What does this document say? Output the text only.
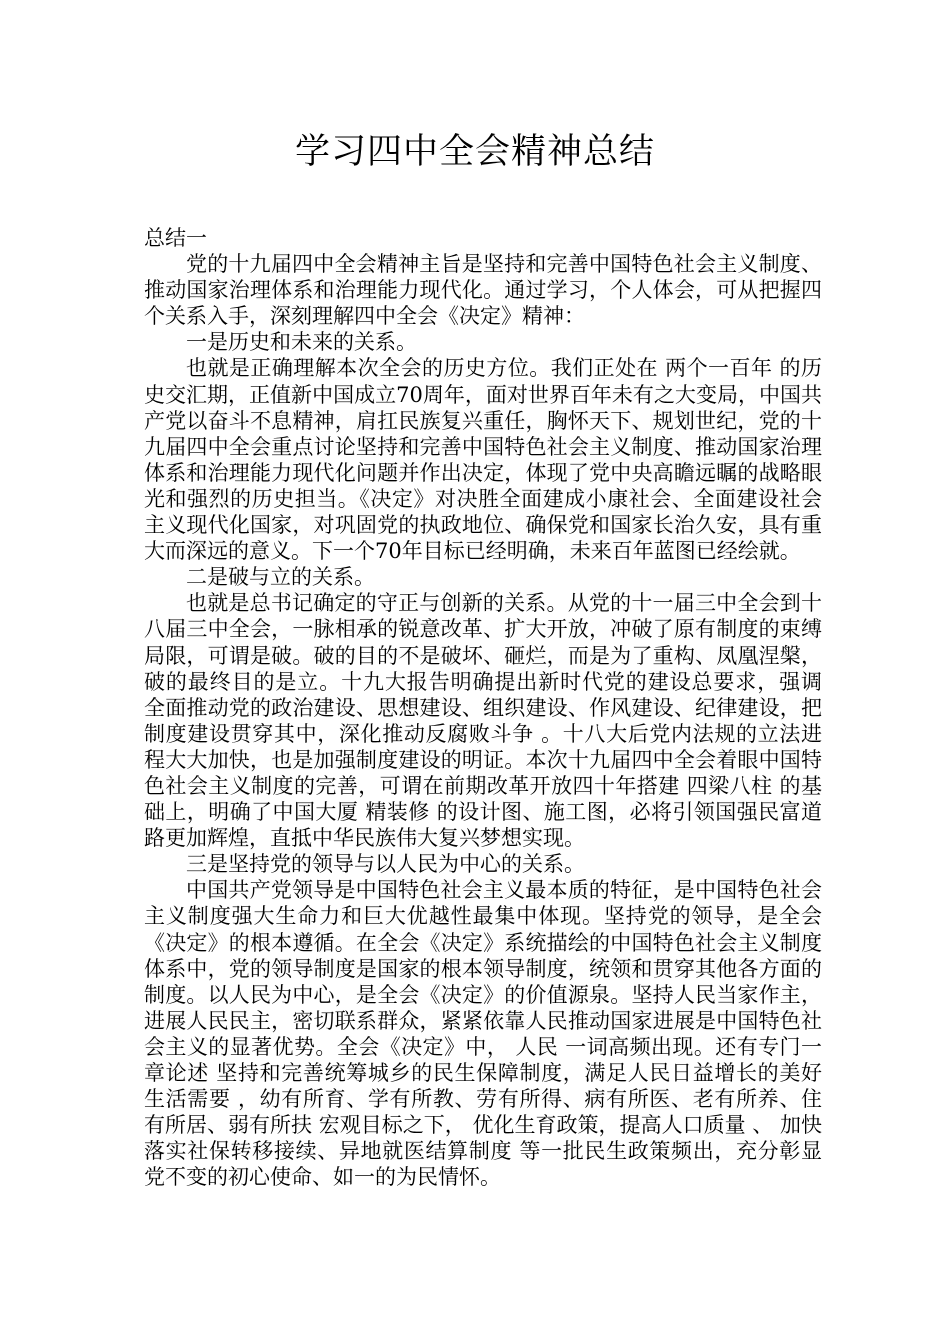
学习四中全会精神总结

总结一

党的十九届四中全会精神主旨是坚持和完善中国特色社会主义制度、推动国家治理体系和治理能力现代化。通过学习，个人体会，可从把握四个关系入手，深刻理解四中全会《决定》精神：

一是历史和未来的关系。

也就是正确理解本次全会的历史方位。我们正处在 两个一百年 的历史交汇期，正值新中国成立70周年，面对世界百年未有之大变局，中国共产党以奋斗不息精神，肩扛民族复兴重任，胸怀天下、规划世纪，党的十九届四中全会重点讨论坚持和完善中国特色社会主义制度、推动国家治理体系和治理能力现代化问题并作出决定，体现了党中央高瞻远瞩的战略眼光和强烈的历史担当。《决定》对决胜全面建成小康社会、全面建设社会主义现代化国家，对巩固党的执政地位、确保党和国家长治久安，具有重大而深远的意义。下一个70年目标已经明确，未来百年蓝图已经绘就。

二是破与立的关系。

也就是总书记确定的守正与创新的关系。从党的十一届三中全会到十八届三中全会，一脉相承的锐意改革、扩大开放，冲破了原有制度的束缚局限，可谓是破。破的目的不是破坏、砸烂，而是为了重构、凤凰涅槃，破的最终目的是立。十九大报告明确提出新时代党的建设总要求，强调 全面推动党的政治建设、思想建设、组织建设、作风建设、纪律建设，把制度建设贯穿其中，深化推动反腐败斗争 。十八大后党内法规的立法进程大大加快，也是加强制度建设的明证。本次十九届四中全会着眼中国特色社会主义制度的完善，可谓在前期改革开放四十年搭建 四梁八柱 的基础上，明确了中国大厦 精装修 的设计图、施工图，必将引领国强民富道路更加辉煌，直抵中华民族伟大复兴梦想实现。

三是坚持党的领导与以人民为中心的关系。

中国共产党领导是中国特色社会主义最本质的特征，是中国特色社会主义制度强大生命力和巨大优越性最集中体现。坚持党的领导，是全会《决定》的根本遵循。在全会《决定》系统描绘的中国特色社会主义制度体系中，党的领导制度是国家的根本领导制度，统领和贯穿其他各方面的制度。以人民为中心，是全会《决定》的价值源泉。坚持人民当家作主，进展人民民主，密切联系群众，紧紧依靠人民推动国家进展是中国特色社会主义的显著优势。全会《决定》中， 人民 一词高频出现。还有专门一章论述 坚持和完善统筹城乡的民生保障制度，满足人民日益增长的美好生活需要 ，幼有所育、学有所教、劳有所得、病有所医、老有所养、住有所居、弱有所扶 宏观目标之下， 优化生育政策，提高人口质量 、 加快落实社保转移接续、异地就医结算制度 等一批民生政策频出，充分彰显党不变的初心使命、如一的为民情怀。
